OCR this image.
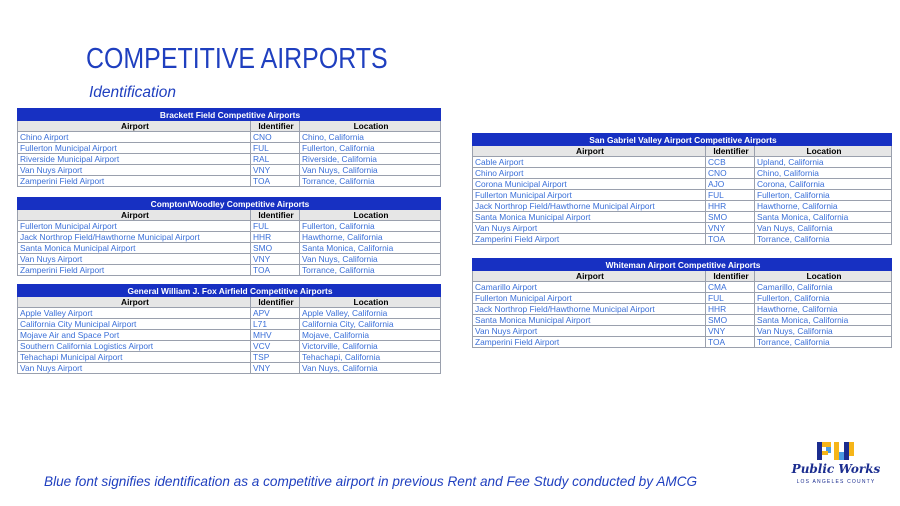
COMPETITIVE AIRPORTS
Identification
Brackett Field Competitive Airports		
Airport	Identifier	Location
Chino Airport	CNO	Chino, California
Fullerton Municipal Airport	FUL	Fullerton, California
Riverside Municipal Airport	RAL	Riverside, California
Van Nuys Airport	VNY	Van Nuys, California
Zamperini Field Airport	TOA	Torrance, California
Compton/Woodley Competitive Airports		
Airport	Identifier	Location
Fullerton Municipal Airport	FUL	Fullerton, California
Jack Northrop Field/Hawthorne Municipal Airport	HHR	Hawthorne, California
Santa Monica Municipal Airport	SMO	Santa Monica, California
Van Nuys Airport	VNY	Van Nuys, California
Zamperini Field Airport	TOA	Torrance, California
General William J. Fox Airfield Competitive Airports		
Airport	Identifier	Location
Apple Valley Airport	APV	Apple Valley, California
California City Municipal Airport	L71	California City, California
Mojave Air and Space Port	MHV	Mojave, California
Southern California Logistics Airport	VCV	Victorville, California
Tehachapi Municipal Airport	TSP	Tehachapi, California
Van Nuys Airport	VNY	Van Nuys, California
San Gabriel Valley Airport Competitive Airports		
Airport	Identifier	Location
Cable Airport	CCB	Upland, California
Chino Airport	CNO	Chino, California
Corona Municipal Airport	AJO	Corona, California
Fullerton Municipal Airport	FUL	Fullerton, California
Jack Northrop Field/Hawthorne Municipal Airport	HHR	Hawthorne, California
Santa Monica Municipal Airport	SMO	Santa Monica, California
Van Nuys Airport	VNY	Van Nuys, California
Zamperini Field Airport	TOA	Torrance, California
Whiteman Airport Competitive Airports		
Airport	Identifier	Location
Camarillo Airport	CMA	Camarillo, California
Fullerton Municipal Airport	FUL	Fullerton, California
Jack Northrop Field/Hawthorne Municipal Airport	HHR	Hawthorne, California
Santa Monica Municipal Airport	SMO	Santa Monica, California
Van Nuys Airport	VNY	Van Nuys, California
Zamperini Field Airport	TOA	Torrance, California
Blue font signifies identification as a competitive airport in previous Rent and Fee Study conducted by AMCG
Public Works
LOS ANGELES COUNTY
